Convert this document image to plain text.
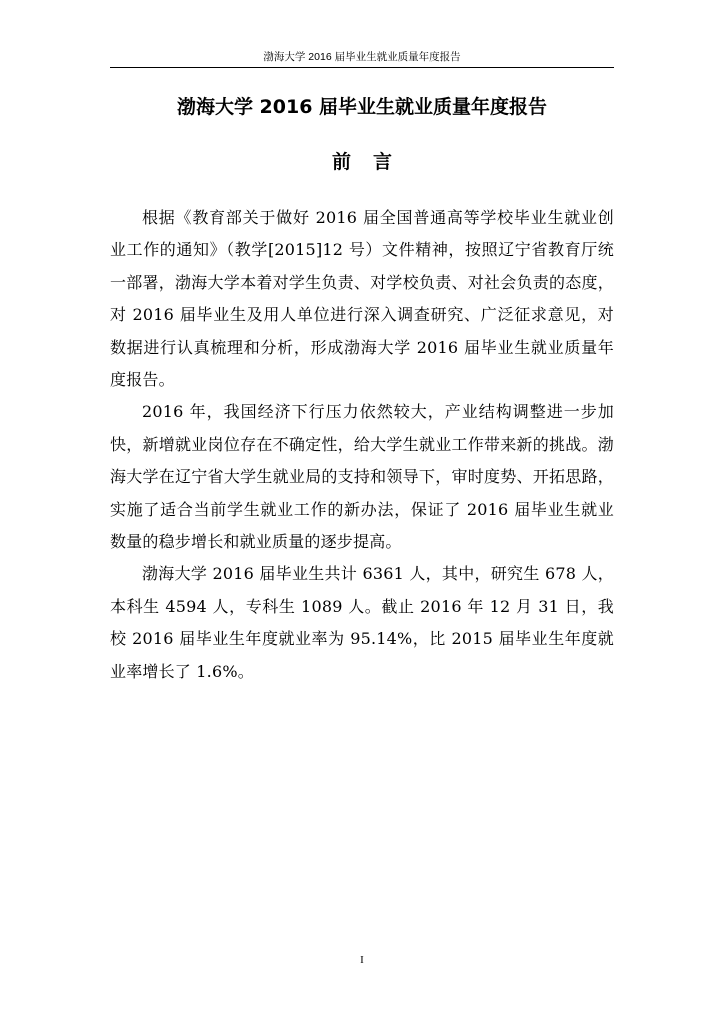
渤海大学 2016 届毕业生就业质量年度报告
渤海大学 2016 届毕业生就业质量年度报告
前言

根据《教育部关于做好 2016 届全国普通高等学校毕业生就业创业工作的通知》（教学[2015]12 号）文件精神，按照辽宁省教育厅统一部署，渤海大学本着对学生负责、对学校负责、对社会负责的态度，对 2016 届毕业生及用人单位进行深入调查研究、广泛征求意见，对数据进行认真梳理和分析，形成渤海大学 2016 届毕业生就业质量年度报告。

2016 年，我国经济下行压力依然较大，产业结构调整进一步加快，新增就业岗位存在不确定性，给大学生就业工作带来新的挑战。渤海大学在辽宁省大学生就业局的支持和领导下，审时度势、开拓思路，实施了适合当前学生就业工作的新办法，保证了 2016 届毕业生就业数量的稳步增长和就业质量的逐步提高。

渤海大学 2016 届毕业生共计 6361 人，其中，研究生 678 人，本科生 4594 人，专科生 1089 人。截止 2016 年 12 月 31 日，我校 2016 届毕业生年度就业率为 95.14%，比 2015 届毕业生年度就业率增长了 1.6%。

I
